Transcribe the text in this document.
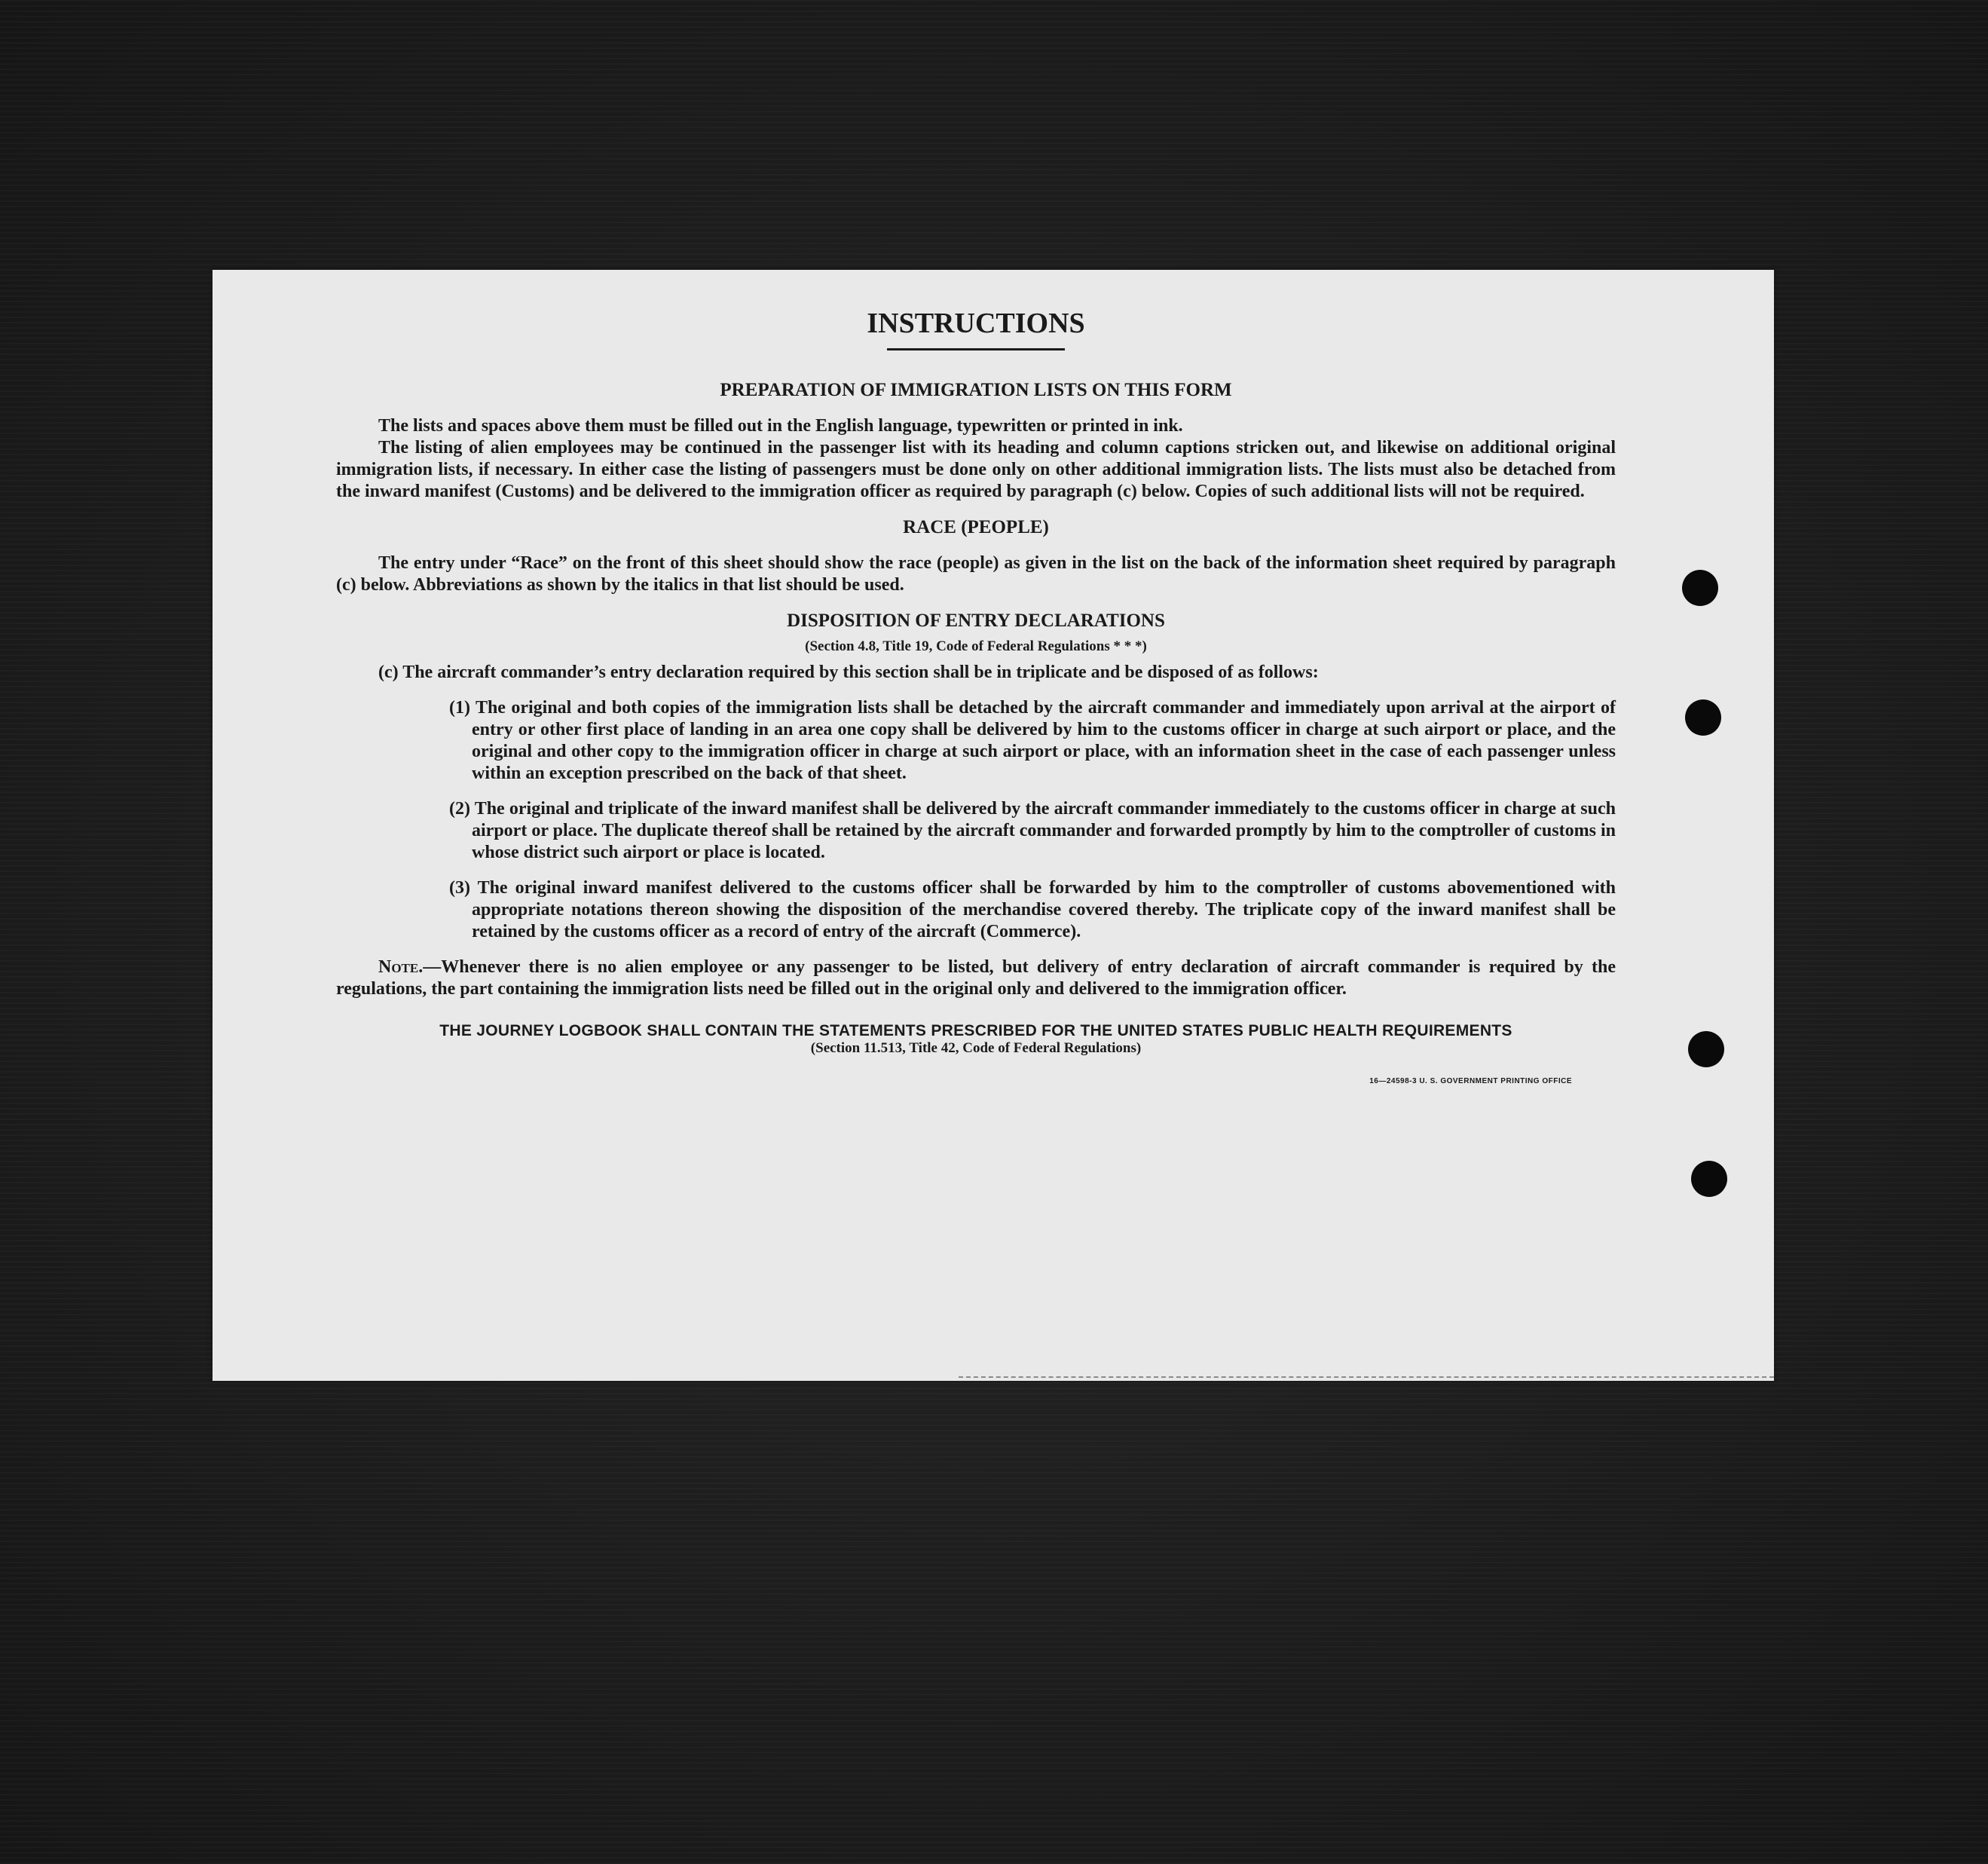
INSTRUCTIONS
PREPARATION OF IMMIGRATION LISTS ON THIS FORM

The lists and spaces above them must be filled out in the English language, typewritten or printed in ink.

The listing of alien employees may be continued in the passenger list with its heading and column captions stricken out, and likewise on additional original immigration lists, if necessary. In either case the listing of passengers must be done only on other additional immigration lists. The lists must also be detached from the inward manifest (Customs) and be delivered to the immigration officer as required by paragraph (c) below. Copies of such additional lists will not be required.

RACE (PEOPLE)

The entry under “Race” on the front of this sheet should show the race (people) as given in the list on the back of the information sheet required by paragraph (c) below. Abbreviations as shown by the italics in that list should be used.

DISPOSITION OF ENTRY DECLARATIONS
(Section 4.8, Title 19, Code of Federal Regulations * * *)

(c) The aircraft commander’s entry declaration required by this section shall be in triplicate and be disposed of as follows:

(1) The original and both copies of the immigration lists shall be detached by the aircraft commander and immediately upon arrival at the airport of entry or other first place of landing in an area one copy shall be delivered by him to the customs officer in charge at such airport or place, and the original and other copy to the immigration officer in charge at such airport or place, with an information sheet in the case of each passenger unless within an exception prescribed on the back of that sheet.

(2) The original and triplicate of the inward manifest shall be delivered by the aircraft commander immediately to the customs officer in charge at such airport or place. The duplicate thereof shall be retained by the aircraft commander and forwarded promptly by him to the comptroller of customs in whose district such airport or place is located.

(3) The original inward manifest delivered to the customs officer shall be forwarded by him to the comptroller of customs abovementioned with appropriate notations thereon showing the disposition of the merchandise covered thereby. The triplicate copy of the inward manifest shall be retained by the customs officer as a record of entry of the aircraft (Commerce).

Note.—Whenever there is no alien employee or any passenger to be listed, but delivery of entry declaration of aircraft commander is required by the regulations, the part containing the immigration lists need be filled out in the original only and delivered to the immigration officer.

THE JOURNEY LOGBOOK SHALL CONTAIN THE STATEMENTS PRESCRIBED FOR THE UNITED STATES PUBLIC HEALTH REQUIREMENTS
(Section 11.513, Title 42, Code of Federal Regulations)
16—24598-3 U. S. GOVERNMENT PRINTING OFFICE
